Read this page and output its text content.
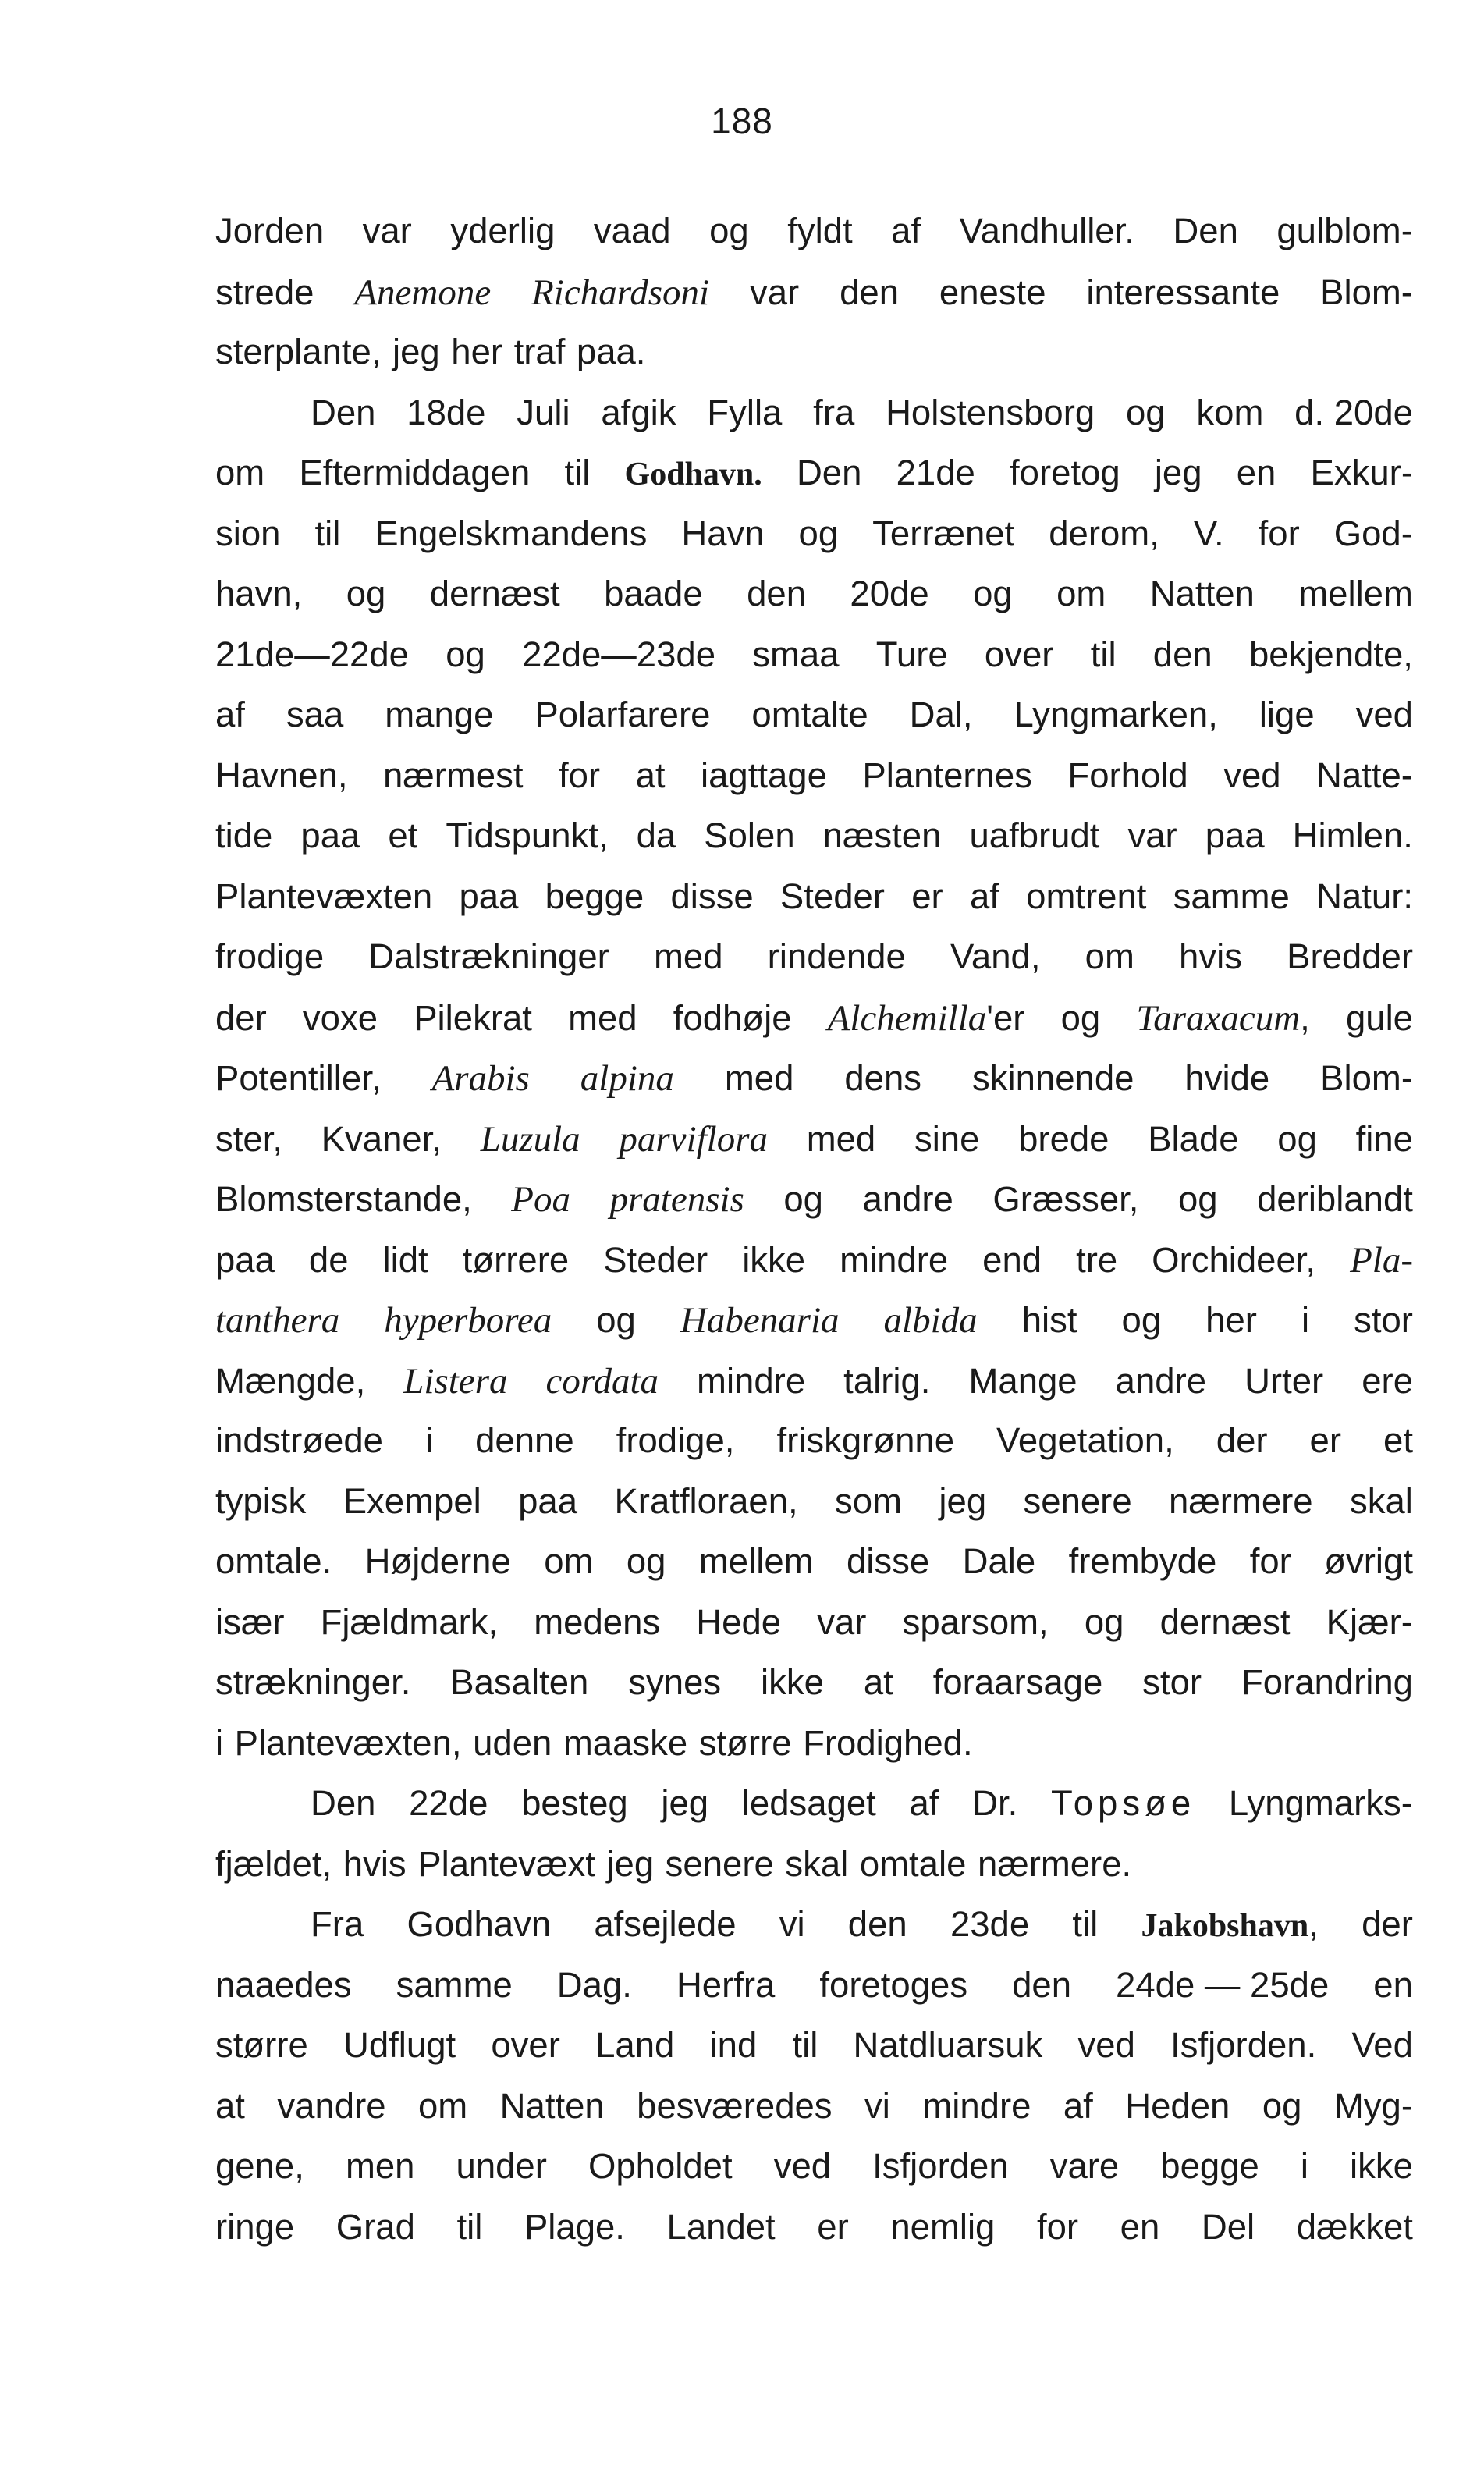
188
Jorden var yderlig vaad og fyldt af Vandhuller. Den gulblom-
strede Anemone Richardsoni var den eneste interessante Blom-
sterplante, jeg her traf paa.
Den 18de Juli afgik Fylla fra Holstensborg og kom d. 20de
om Eftermiddagen til Godhavn. Den 21de foretog jeg en Exkur-
sion til Engelskmandens Havn og Terrænet derom, V. for God-
havn, og dernæst baade den 20de og om Natten mellem
21de—22de og 22de—23de smaa Ture over til den bekjendte,
af saa mange Polarfarere omtalte Dal, Lyngmarken, lige ved
Havnen, nærmest for at iagttage Planternes Forhold ved Natte-
tide paa et Tidspunkt, da Solen næsten uafbrudt var paa Himlen.
Plantevæxten paa begge disse Steder er af omtrent samme Natur:
frodige Dalstrækninger med rindende Vand, om hvis Bredder
der voxe Pilekrat med fodhøje Alchemilla'er og Taraxacum, gule
Potentiller, Arabis alpina med dens skinnende hvide Blom-
ster, Kvaner, Luzula parviflora med sine brede Blade og fine
Blomsterstande, Poa pratensis og andre Græsser, og deriblandt
paa de lidt tørrere Steder ikke mindre end tre Orchideer, Pla-
tanthera hyperborea og Habenaria albida hist og her i stor
Mængde, Listera cordata mindre talrig. Mange andre Urter ere
indstrøede i denne frodige, friskgrønne Vegetation, der er et
typisk Exempel paa Kratfloraen, som jeg senere nærmere skal
omtale. Højderne om og mellem disse Dale frembyde for øvrigt
især Fjældmark, medens Hede var sparsom, og dernæst Kjær-
strækninger. Basalten synes ikke at foraarsage stor Forandring
i Plantevæxten, uden maaske større Frodighed.
Den 22de besteg jeg ledsaget af Dr. Topsøe Lyngmarks-
fjældet, hvis Plantevæxt jeg senere skal omtale nærmere.
Fra Godhavn afsejlede vi den 23de til Jakobshavn, der
naaedes samme Dag. Herfra foretoges den 24de — 25de en
større Udflugt over Land ind til Natdluarsuk ved Isfjorden. Ved
at vandre om Natten besværedes vi mindre af Heden og Myg-
gene, men under Opholdet ved Isfjorden vare begge i ikke
ringe Grad til Plage. Landet er nemlig for en Del dækket
